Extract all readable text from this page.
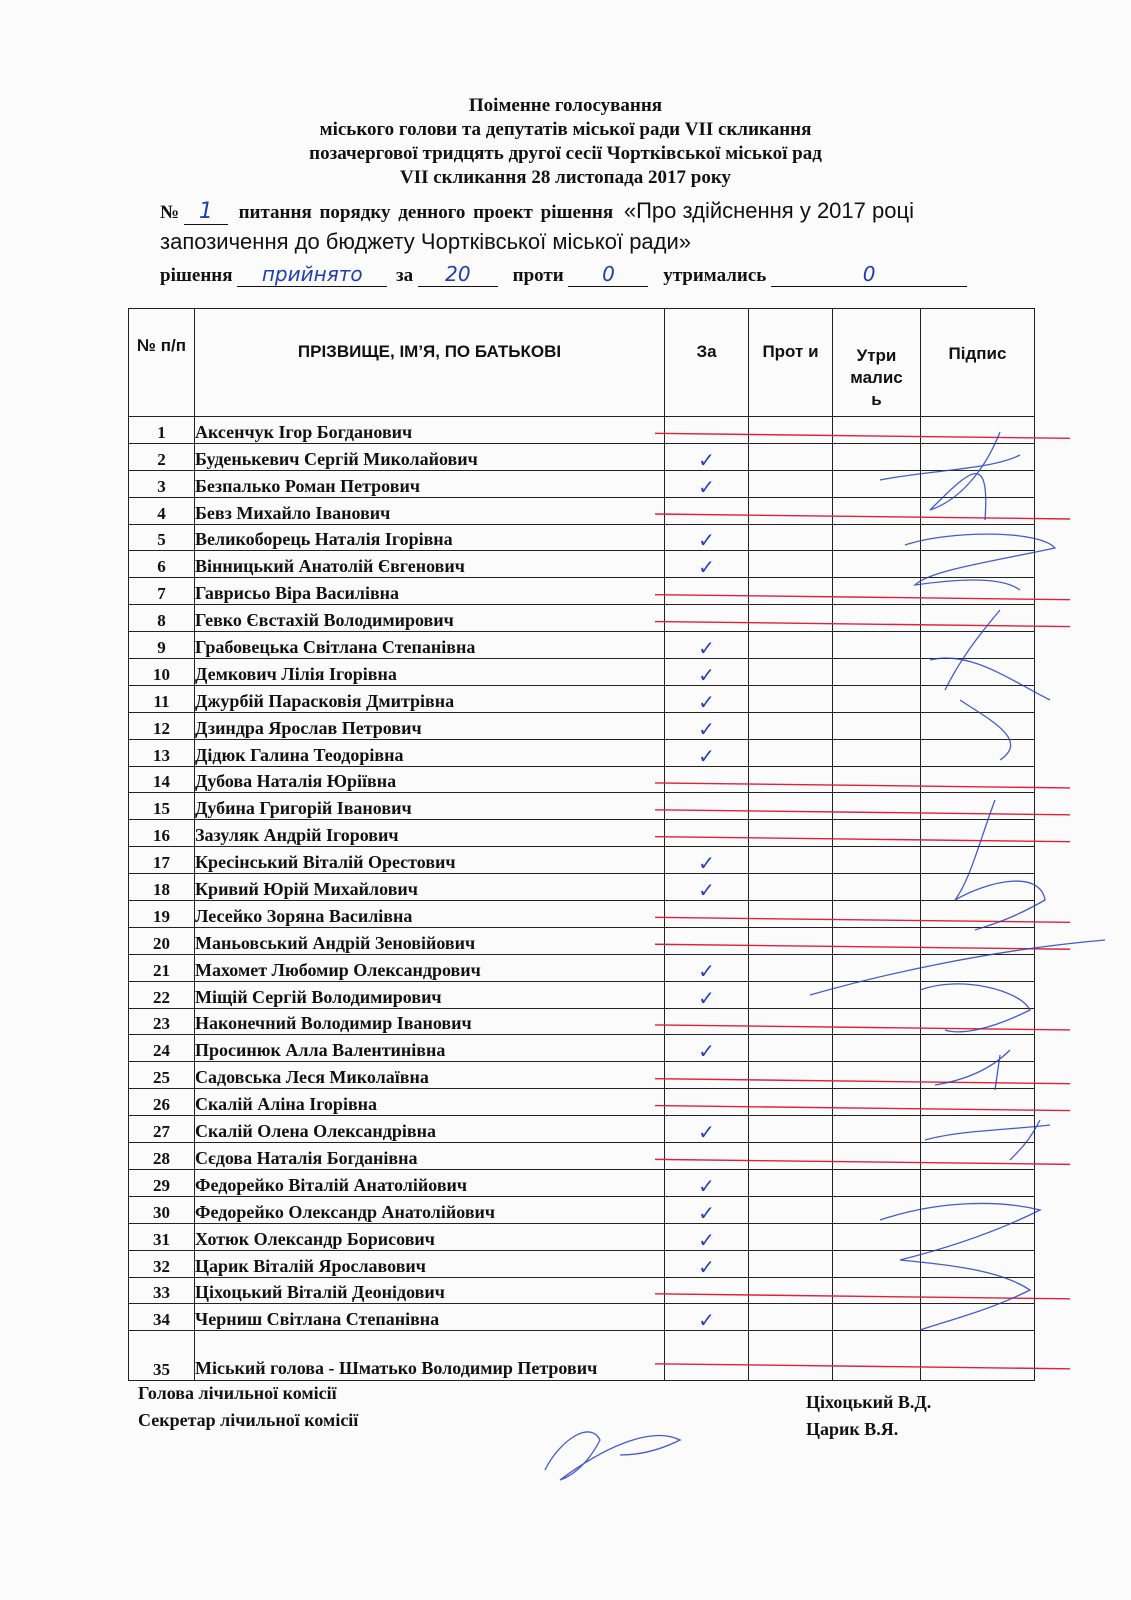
Поіменне голосування
міського голови та депутатів міської ради VІІ скликання
позачергової тридцять другої сесії Чортківської міської рад
VІІ скликання 28 листопада 2017 року
№ 1 питання порядку денного проект рішення «Про здійснення у 2017 році
запозичення до бюджету Чортківської міської ради»
рішення прийнято за 20 проти 0	утримались	0
№ п/п	ПРІЗВИЩЕ, ІМ’Я, ПО БАТЬКОВІ	За	Прот и	Утри малис ь	Підпис
1	Аксенчук Ігор Богданович				
2	Буденькевич Сергій Миколайович	✓			
3	Безпалько Роман Петрович	✓			
4	Бевз Михайло Іванович				
5	Великоборець Наталія Ігорівна	✓			
6	Вінницький Анатолій Євгенович	✓			
7	Гаврисьо Віра Василівна				
8	Гевко Євстахій Володимирович				
9	Грабовецька Світлана Степанівна	✓			
10	Демкович Лілія Ігорівна	✓			
11	Джурбій Парасковія Дмитрівна	✓			
12	Дзиндра Ярослав Петрович	✓			
13	Дідюк Галина Теодорівна	✓			
14	Дубова Наталія Юріївна				
15	Дубина Григорій Іванович				
16	Зазуляк Андрій Ігорович				
17	Кресінський Віталій Орестович	✓			
18	Кривий Юрій Михайлович	✓			
19	Лесейко Зоряна Василівна				
20	Маньовський Андрій Зеновійович				
21	Махомет Любомир Олександрович	✓			
22	Міщій Сергій Володимирович	✓			
23	Наконечний Володимир Іванович				
24	Просинюк Алла Валентинівна	✓			
25	Садовська Леся Миколаївна				
26	Скалій Аліна Ігорівна				
27	Скалій Олена Олександрівна	✓			
28	Сєдова Наталія Богданівна				
29	Федорейко Віталій Анатолійович	✓			
30	Федорейко Олександр Анатолійович	✓			
31	Хотюк Олександр Борисович	✓			
32	Царик Віталій Ярославович	✓			
33	Ціхоцький Віталій Деонідович				
34	Черниш Світлана Степанівна	✓			
35	Міський голова - Шматько Володимир Петрович				
Голова лічильної комісії
Секретар лічильної комісії
Ціхоцький В.Д.
Царик В.Я.
